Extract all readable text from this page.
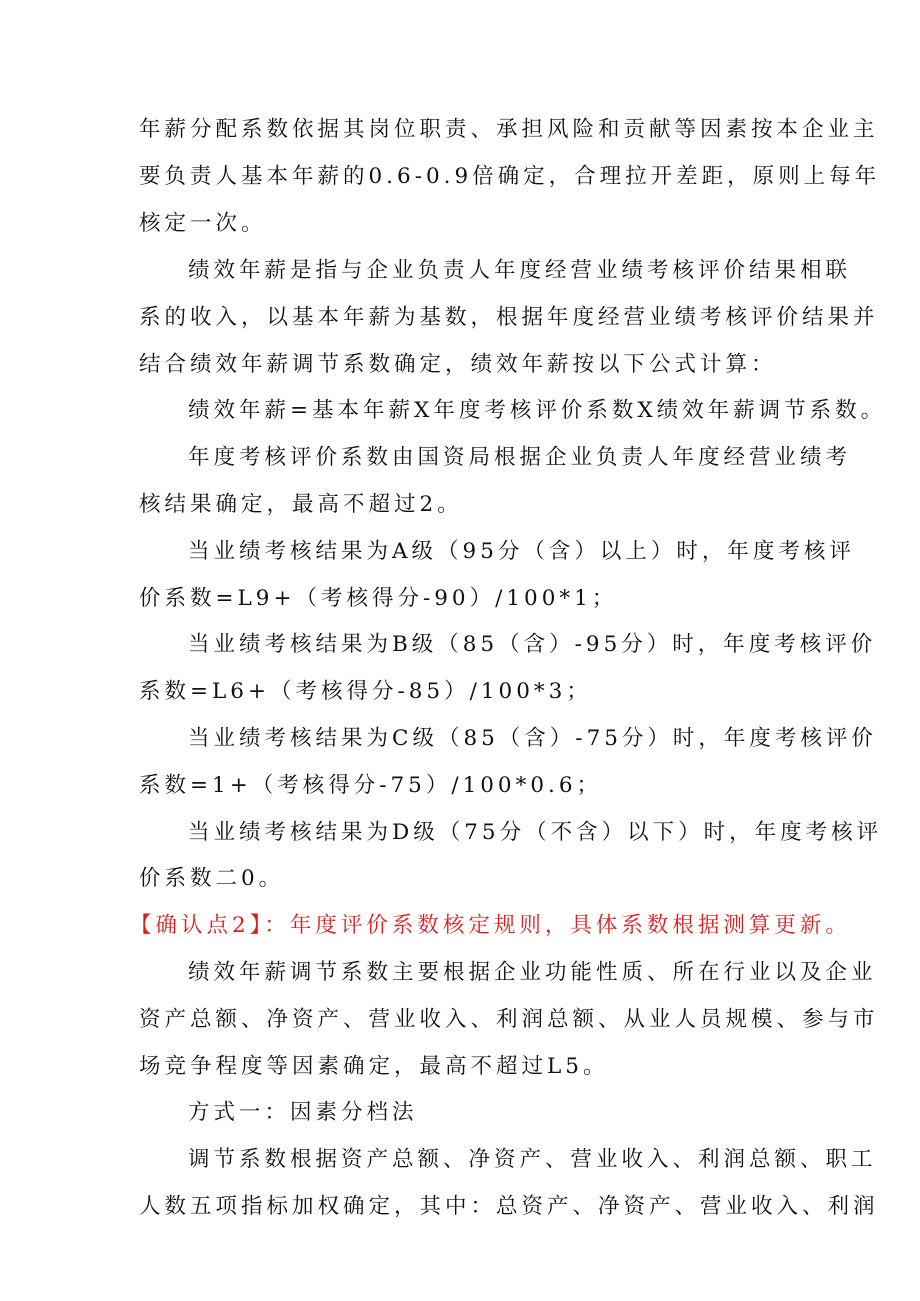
年薪分配系数依据其岗位职责、承担风险和贡献等因素按本企业主
要负责人基本年薪的0.6-0.9倍确定，合理拉开差距，原则上每年
核定一次。
绩效年薪是指与企业负责人年度经营业绩考核评价结果相联
系的收入，以基本年薪为基数，根据年度经营业绩考核评价结果并
结合绩效年薪调节系数确定，绩效年薪按以下公式计算：
绩效年薪=基本年薪X年度考核评价系数X绩效年薪调节系数。
年度考核评价系数由国资局根据企业负责人年度经营业绩考
核结果确定，最高不超过2。
当业绩考核结果为A级（95分（含）以上）时，年度考核评
价系数=L9+（考核得分-90）/100*1；
当业绩考核结果为B级（85（含）-95分）时，年度考核评价
系数=L6+（考核得分-85）/100*3；
当业绩考核结果为C级（85（含）-75分）时，年度考核评价
系数=1+（考核得分-75）/100*0.6；
当业绩考核结果为D级（75分（不含）以下）时，年度考核评
价系数二0。
【确认点2】：年度评价系数核定规则，具体系数根据测算更新。
绩效年薪调节系数主要根据企业功能性质、所在行业以及企业
资产总额、净资产、营业收入、利润总额、从业人员规模、参与市
场竞争程度等因素确定，最高不超过L5。
方式一：因素分档法
调节系数根据资产总额、净资产、营业收入、利润总额、职工
人数五项指标加权确定，其中：总资产、净资产、营业收入、利润
